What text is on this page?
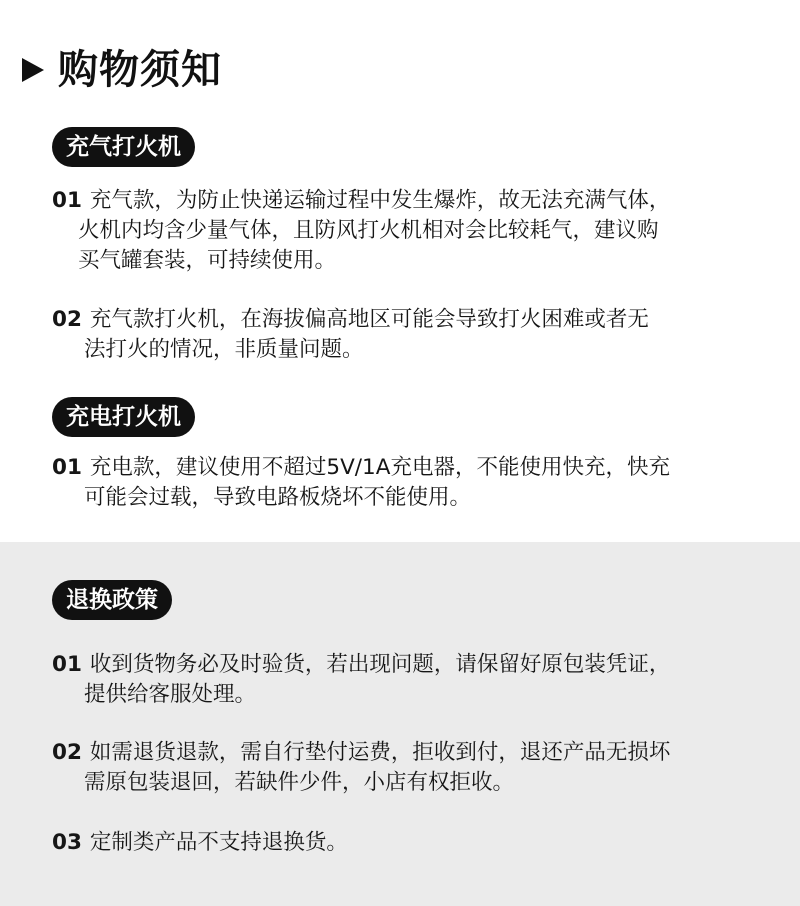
购物须知
充气打火机
01 充气款，为防止快递运输过程中发生爆炸，故无法充满气体，
火机内均含少量气体，且防风打火机相对会比较耗气，建议购
买气罐套装，可持续使用。
02 充气款打火机，在海拔偏高地区可能会导致打火困难或者无
法打火的情况，非质量问题。
充电打火机
01 充电款，建议使用不超过5V/1A充电器，不能使用快充，快充
可能会过载，导致电路板烧坏不能使用。
退换政策
01 收到货物务必及时验货，若出现问题，请保留好原包装凭证，
提供给客服处理。
02 如需退货退款，需自行垫付运费，拒收到付，退还产品无损坏
需原包装退回，若缺件少件，小店有权拒收。
03 定制类产品不支持退换货。
